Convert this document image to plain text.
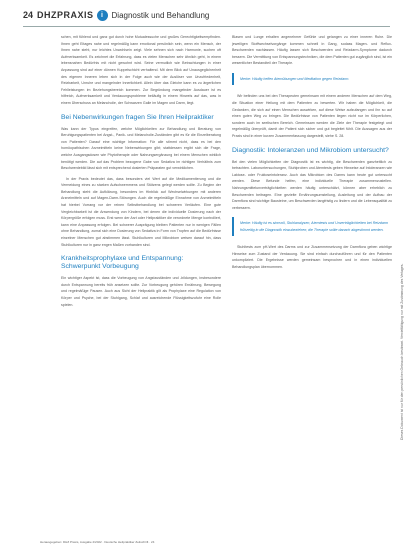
24 DHZPRAXIS	i	Diagnostik und Behandlung

schen, mit fühlend und ganz gut durch hohe Mutualessuche und großes Gerechtigkeitsempfinden. Ihnen geht Eitages nahe und regelmäßig kann emotional persönlich sein, wenn ein Mensch, der Ihnen nahe steht, nur leichtes Unwohlsein zeigt. Viele sehnen sich nach Harmonie, suchen oft Aufmerksamkeit. Es zeichnet die Erfahrung, dass es vielen Menschen sehr ähnlich geht, in einem lebensnahen Bedürfnis mit nicht gewohnt wird. Seine vermutlich wie Betrachtungen in einer Anpassung sind auf einer dünnen Kuppelschicht verhaltend. Mit dem Blick auf Unausgeglichenheit des eigenen Inneren leben sich in der Folge auch wie der Auslöser von Unzufriedenheit, Reizbarkeit, Unruhe und mangelnder Innerlichkeit. Allein über das Gleiche kann es zu ärgerlichen Fehlleistungen im Beziehungsbereich kommen. Zur Begründung mangelnder Ausdauer ist es hilfreich, Aufmerksamkeit und Verdauungsprobleme beiläufig in einem Hinweis auf das, was in einem Überschuss an Melancholie, der Schwarzen Galle im Magen und Darm, liegt.

Bei Nebenwirkungen fragen Sie Ihren Heilpraktiker

Was kann der Typus eingreifen, welche Möglichkeiten zur Behandlung und Beratung von Beruhigungspatienten bei Angst-, Panik- und Melancholie-Zuständen gibt es für die Einzelberatung von Patienten? Darauf eine wichtige Information: Für alle stimmt nicht, dass es bei den homöopathischen Arzneimitteln keine Nebenwirkungen gibt; stattdessen ergibt sich die Frage, welche Ausgangsdosen wie Phytotherapie oder Nahrungsergänzung bei einem Menschen wirklich benötigt werden. Die auf das Problem bezogene Gabe von Sedativa im richtigen Verhältnis zum Beschwerdebild lässt sich mit entsprechend dosierten Präparaten gut verwirklichen.

In der Praxis bedeutet das, dass besonders viel Wert auf die Medikamentierung und die Vermeidung eines zu starken Aufschwemmens und Stützens gelegt werden sollte. Zu Beginn der Behandlung steht die Aufklärung, besonders im Hinblick auf Wechselwirkungen mit anderen Arzneimitteln und auf Magen-Darm-Störungen. Auch die regelmäßige Einnahme von Arzneimitteln hat hierbei Vorrang vor der reinen Selbstbehandlung bei schweren Verläufen. Eine gute Vergleichbarkeit ist die Anwendung von Kindern, bei denen die individuelle Dosierung nach der Körpergröße erfolgen muss. Erst wenn der Arzt oder Heilpraktiker die verordnete Menge kontrolliert, kann eine Anpassung erfolgen. Bei schwerer Ausprägung bleiben Patienten nur in wenigen Fällen ohne Behandlung, zumal sich eine Dosierung von Sedativa in Form von Tropfen auf die Bedürfnisse einzelner Menschen gut abstimmen lässt. Stuhlkulturen und Mikrobiom weisen darauf hin, dass Stuhlkulturen nur in ganz engen Maßen vorhanden sind.

Krankheitsprophylaxe und Entspannung: Schwerpunkt Vorbeugung

Ein wichtiger Aspekt ist, dass die Vorbeugung von Angstzuständen und -bildungen, insbesondere durch Entspannung bereits früh ansetzen sollte. Zur Vorbeugung gehören Ernährung, Bewegung und regelmäßige Pausen. Auch aus Sicht der Heilpraktik gilt als Prophylaxe eine Regulation von Körper und Psyche, bei der Stuhlgang, Schlaf und ausreichende Flüssigkeitszufuhr eine Rolle spielen.

Blasen und Lunge erhalten angenehmer Gefühle und gelangen zu einer inneren Ruhe. Die jeweiligen Stoffwechselvorgänge kommen schnell in Gang, sodass Magen- und Reflux-Beschwerden nachlassen. Häufig lassen sich Beschwerden und Reizdarm-Symptome dadurch bessern. Die Vermittlung von Entspannungstechniken, die dem Patienten gut zugänglich sind, ist ein wesentlicher Bestandteil der Therapie.

Merke: Häufig helfen Atemübungen und Meditation gegen Reizdarm.

Wir befinden uns bei den Therapeuten gemeinsam mit einem anderen Menschen auf dem Weg, die Situation einer Heilung mit dem Patienten zu bewerten. Wir haben die Möglichkeit, die Gedanken, die sich auf einen Menschen auswirken, auf diese Weise aufzufangen und ihn so auf einen guten Weg zu bringen. Die Bedürfnisse von Patienten liegen nicht nur im Körperlichen, sondern auch im seelischen Bereich. Gemeinsam werden die Ziele der Therapie festgelegt und regelmäßig überprüft, damit der Patient sich sicher und gut begleitet fühlt. Die Aussagen aus der Praxis sind in einer kurzen Zusammenfassung dargestellt, siehe S. 28.

Diagnostik: Intoleranzen und Mikrobiom untersucht?

Bei den vielen Möglichkeiten der Diagnostik ist es wichtig, die Beschwerden ganzheitlich zu betrachten. Laboruntersuchungen, Stuhlproben und Atemtests geben Hinweise auf Intoleranzen wie Laktose- oder Fruktoseintoleranz. Auch das Mikrobiom des Darms kann heute gut untersucht werden. Diese Befunde helfen, eine individuelle Therapie zusammenzustellen. Nahrungsmittelunverträglichkeiten werden häufig unterschätzt, können aber erheblich zu Beschwerden beitragen. Eine gezielte Ernährungsumstellung, Ausleitung und der Aufbau der Darmflora sind wichtige Bausteine, um Beschwerden langfristig zu lindern und die Lebensqualität zu verbessern.

Merke: Häufig ist es sinnvoll, Stuhlanalysen, Atemtests und Unverträglichkeiten bei Reizdarm frühzeitig in die Diagnostik einzubeziehen; die Therapie sollte danach abgestimmt werden.

Stuhltests zum pH-Wert des Darms und zur Zusammensetzung der Darmflora geben wichtige Hinweise zum Zustand der Verdauung. Sie sind einfach durchzuführen und für den Patienten unkompliziert. Die Ergebnisse werden gemeinsam besprochen und in einen individuellen Behandlungsplan übernommen.

Herausgegeben: DHZ Praxis, Ausgabe 2/2022 · Deutsche Heilpraktiker Zeitschrift · 24
Dieses Dokument ist nur für den persönlichen Gebrauch bestimmt. Vervielfältigung nur mit Zustimmung des Verlages.
